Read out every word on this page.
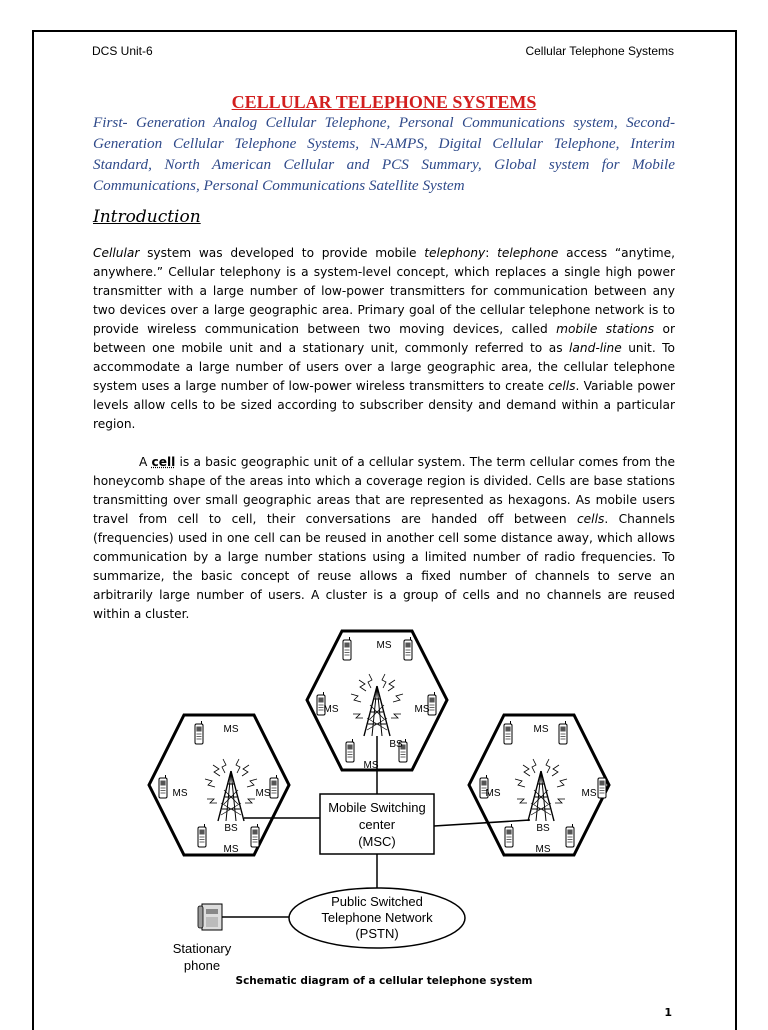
DCS Unit-6	Cellular Telephone Systems
CELLULAR TELEPHONE SYSTEMS
First- Generation Analog Cellular Telephone, Personal Communications system, Second-Generation Cellular Telephone Systems, N-AMPS, Digital Cellular Telephone, Interim Standard, North American Cellular and PCS Summary, Global system for Mobile Communications, Personal Communications Satellite System
Introduction
Cellular system was developed to provide mobile telephony: telephone access “anytime, anywhere.” Cellular telephony is a system-level concept, which replaces a single high power transmitter with a large number of low-power transmitters for communication between any two devices over a large geographic area. Primary goal of the cellular telephone network is to provide wireless communication between two moving devices, called mobile stations or between one mobile unit and a stationary unit, commonly referred to as land-line unit. To accommodate a large number of users over a large geographic area, the cellular telephone system uses a large number of low-power wireless transmitters to create cells. Variable power levels allow cells to be sized according to subscriber density and demand within a particular region.
A cell is a basic geographic unit of a cellular system. The term cellular comes from the honeycomb shape of the areas into which a coverage region is divided. Cells are base stations transmitting over small geographic areas that are represented as hexagons. As mobile users travel from cell to cell, their conversations are handed off between cells. Channels (frequencies) used in one cell can be reused in another cell some distance away, which allows communication by a large number stations using a limited number of radio frequencies. To summarize, the basic concept of reuse allows a fixed number of channels to serve an arbitrarily large number of users. A cluster is a group of cells and no channels are reused within a cluster.
MS
MS	MS
BS
MS
MS
MS	MS
BS
MS
MS
MS	MS
BS
MS
Mobile Switching
center
(MSC)
Public Switched
Telephone Network
(PSTN)
Stationary
phone
Schematic diagram of a cellular telephone system
1
